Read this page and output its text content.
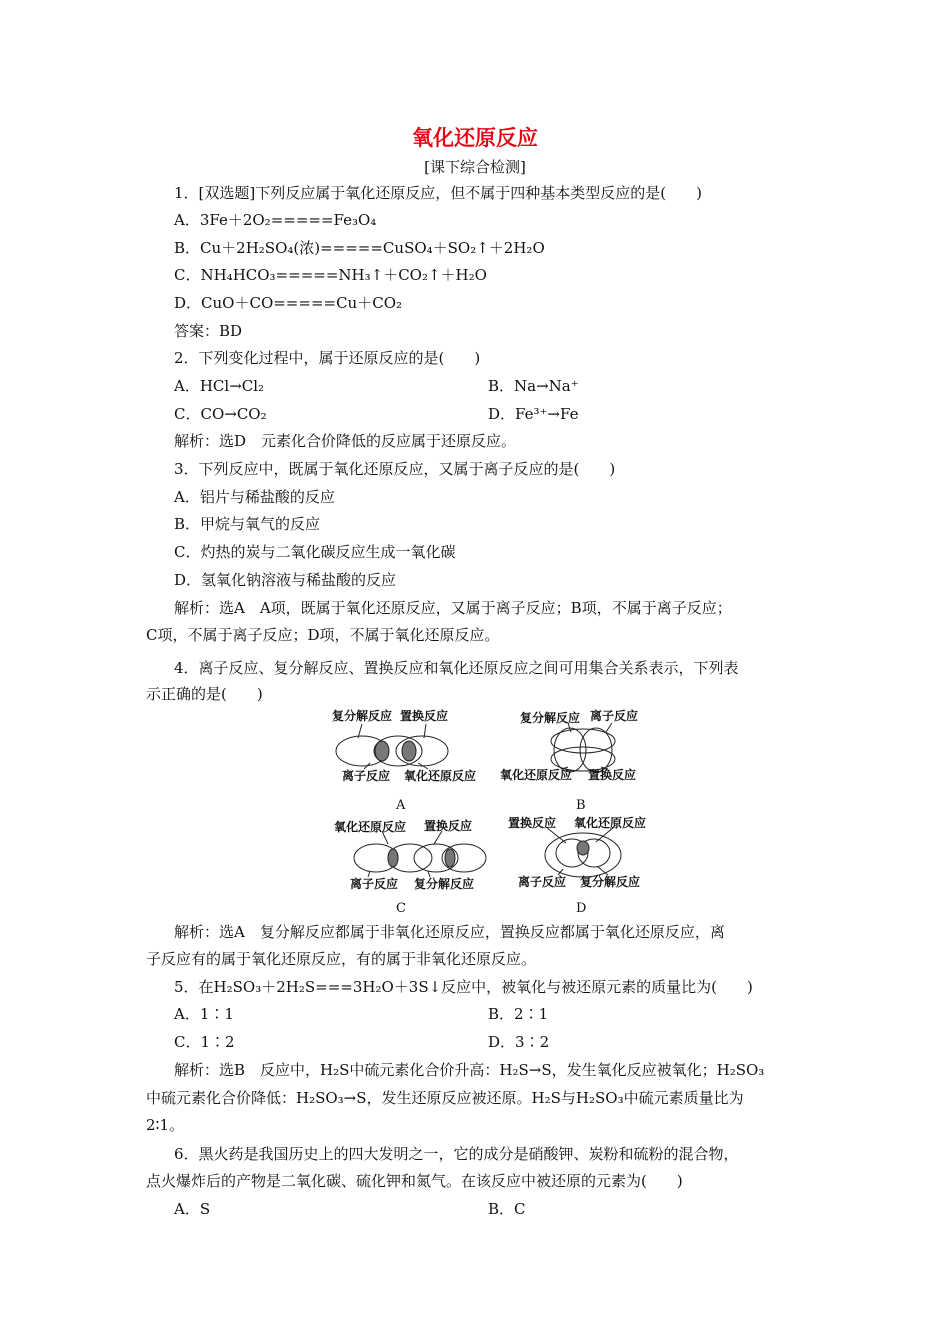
氧化还原反应
[课下综合检测]
1．[双选题]下列反应属于氧化还原反应，但不属于四种基本类型反应的是(　　)
A．3Fe＋2O₂=====Fe₃O₄
B．Cu＋2H₂SO₄(浓)=====CuSO₄＋SO₂↑＋2H₂O
C．NH₄HCO₃=====NH₃↑＋CO₂↑＋H₂O
D．CuO＋CO=====Cu＋CO₂
答案：BD
2．下列变化过程中，属于还原反应的是(　　)
A．HCl→Cl₂	B．Na→Na⁺
C．CO→CO₂	D．Fe³⁺→Fe
解析：选D　元素化合价降低的反应属于还原反应。
3．下列反应中，既属于氧化还原反应，又属于离子反应的是(　　)
A．铝片与稀盐酸的反应
B．甲烷与氧气的反应
C．灼热的炭与二氧化碳反应生成一氧化碳
D．氢氧化钠溶液与稀盐酸的反应
解析：选A　A项，既属于氧化还原反应，又属于离子反应；B项，不属于离子反应；
C项，不属于离子反应；D项，不属于氧化还原反应。
4．离子反应、复分解反应、置换反应和氧化还原反应之间可用集合关系表示，下列表
示正确的是(　　)
复分解反应 置换反应
离子反应 氧化还原反应
A
复分解反应 离子反应
氧化还原反应 置换反应
B
氧化还原反应 置换反应
离子反应 复分解反应
C
置换反应 氧化还原反应
离子反应 复分解反应
D
解析：选A　复分解反应都属于非氧化还原反应，置换反应都属于氧化还原反应，离
子反应有的属于氧化还原反应，有的属于非氧化还原反应。
5．在H₂SO₃＋2H₂S===3H₂O＋3S↓反应中，被氧化与被还原元素的质量比为(　　)
A．1∶1	B．2∶1
C．1∶2	D．3∶2
解析：选B　反应中，H₂S中硫元素化合价升高：H₂S→S，发生氧化反应被氧化；H₂SO₃
中硫元素化合价降低：H₂SO₃→S，发生还原反应被还原。H₂S与H₂SO₃中硫元素质量比为
2∶1。
6．黑火药是我国历史上的四大发明之一，它的成分是硝酸钾、炭粉和硫粉的混合物，
点火爆炸后的产物是二氧化碳、硫化钾和氮气。在该反应中被还原的元素为(　　)
A．S	B．C
